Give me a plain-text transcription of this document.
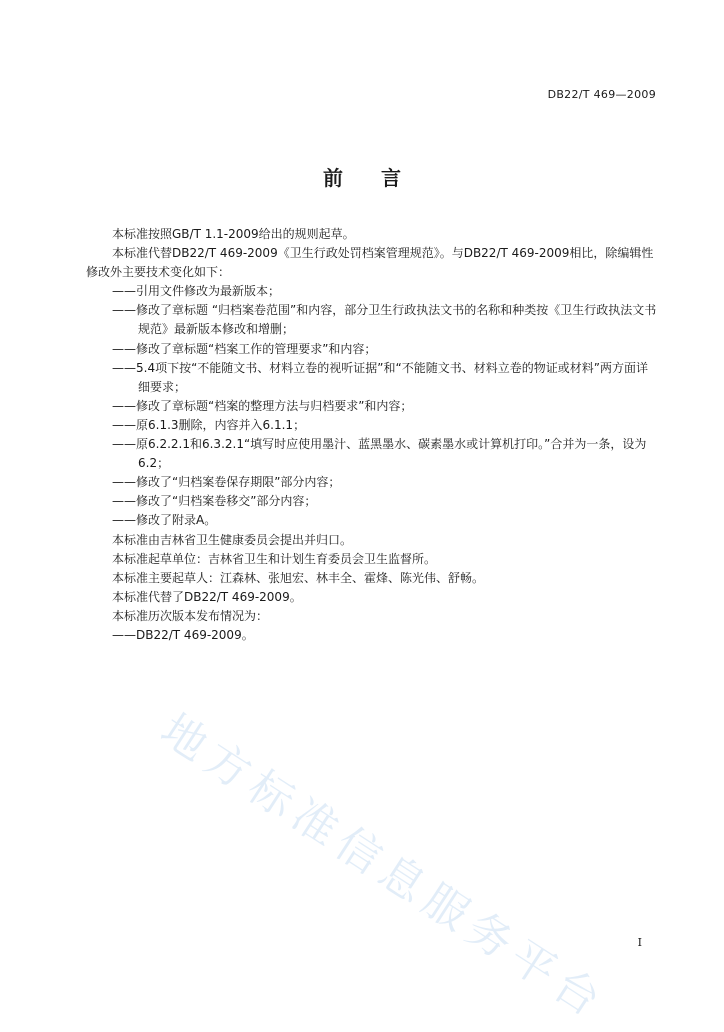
DB22/T 469—2009
前言
本标准按照GB/T 1.1-2009给出的规则起草。
本标准代替DB22/T 469-2009《卫生行政处罚档案管理规范》。与DB22/T 469-2009相比，除编辑性修改外主要技术变化如下：
——引用文件修改为最新版本；
——修改了章标题 “归档案卷范围”和内容，部分卫生行政执法文书的名称和种类按《卫生行政执法文书规范》最新版本修改和增删；
——修改了章标题“档案工作的管理要求”和内容；
——5.4项下按“不能随文书、材料立卷的视听证据”和“不能随文书、材料立卷的物证或材料”两方面详细要求；
——修改了章标题“档案的整理方法与归档要求”和内容；
——原6.1.3删除，内容并入6.1.1；
——原6.2.2.1和6.3.2.1“填写时应使用墨汁、蓝黑墨水、碳素墨水或计算机打印。”合并为一条，设为6.2；
——修改了“归档案卷保存期限”部分内容；
——修改了“归档案卷移交”部分内容；
——修改了附录A。
本标准由吉林省卫生健康委员会提出并归口。
本标准起草单位：吉林省卫生和计划生育委员会卫生监督所。
本标准主要起草人：江森林、张旭宏、林丰全、霍烽、陈光伟、舒畅。
本标准代替了DB22/T 469-2009。
本标准历次版本发布情况为：
——DB22/T 469-2009。
地方标准信息服务平台	I
